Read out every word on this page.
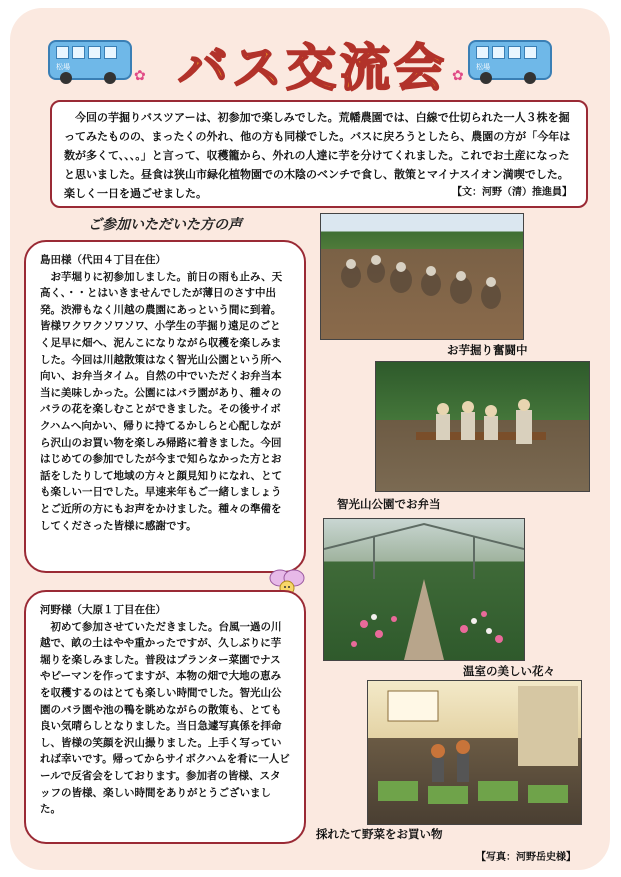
松場
✿ バス交流会 ✿
松場
　今回の芋掘りバスツアーは、初参加で楽しみでした。荒幡農園では、白線で仕切られた一人３株を掘ってみたものの、まったくの外れ、他の方も同様でした。バスに戻ろうとしたら、農園の方が「今年は数が多くて、、、。」と言って、収穫籠から、外れの人達に芋を分けてくれました。これでお土産になったと思いました。昼食は狭山市緑化植物園での木陰のベンチで食し、散策とマイナスイオン満喫でした。楽しく一日を過ごせました。	【文：河野（清）推進員】
ご参加いただいた方の声
島田様（代田４丁目在住）
　お芋堀りに初参加しました。前日の雨も止み、天高く、・・とはいきませんでしたが薄日のさす中出発。渋滞もなく川越の農園にあっという間に到着。皆様ワクワクソワソワ、小学生の芋掘り遠足のごとく足早に畑へ、泥んこになりながら収穫を楽しみました。今回は川越散策はなく智光山公園という所へ向い、お弁当タイム。自然の中でいただくお弁当本当に美味しかった。公園にはバラ園があり、種々のバラの花を楽しむことができました。その後サイボクハムへ向かい、帰りに持てるかしらと心配しながら沢山のお買い物を楽しみ帰路に着きました。今回はじめての参加でしたが今まで知らなかった方とお話をしたりして地域の方々と顔見知りになれ、とても楽しい一日でした。早速来年もご一緒しましょうとご近所の方にもお声をかけました。種々の準備をしてくださった皆様に感謝です。
河野様（大原１丁目在住）
　初めて参加させていただきました。台風一過の川越で、畝の土はやや重かったですが、久しぶりに芋堀りを楽しみました。普段はプランター菜園でナスやピーマンを作ってますが、本物の畑で大地の恵みを収穫するのはとても楽しい時間でした。智光山公園のバラ園や池の鴨を眺めながらの散策も、とても良い気晴らしとなりました。当日急遽写真係を拝命し、皆様の笑顔を沢山撮りました。上手く写っていれば幸いです。帰ってからサイボクハムを肴に一人ビールで反省会をしております。参加者の皆様、スタッフの皆様、楽しい時間をありがとうございました。
お芋掘り奮闘中
智光山公園でお弁当
温室の美しい花々
採れたて野菜をお買い物
【写真：河野岳史様】
